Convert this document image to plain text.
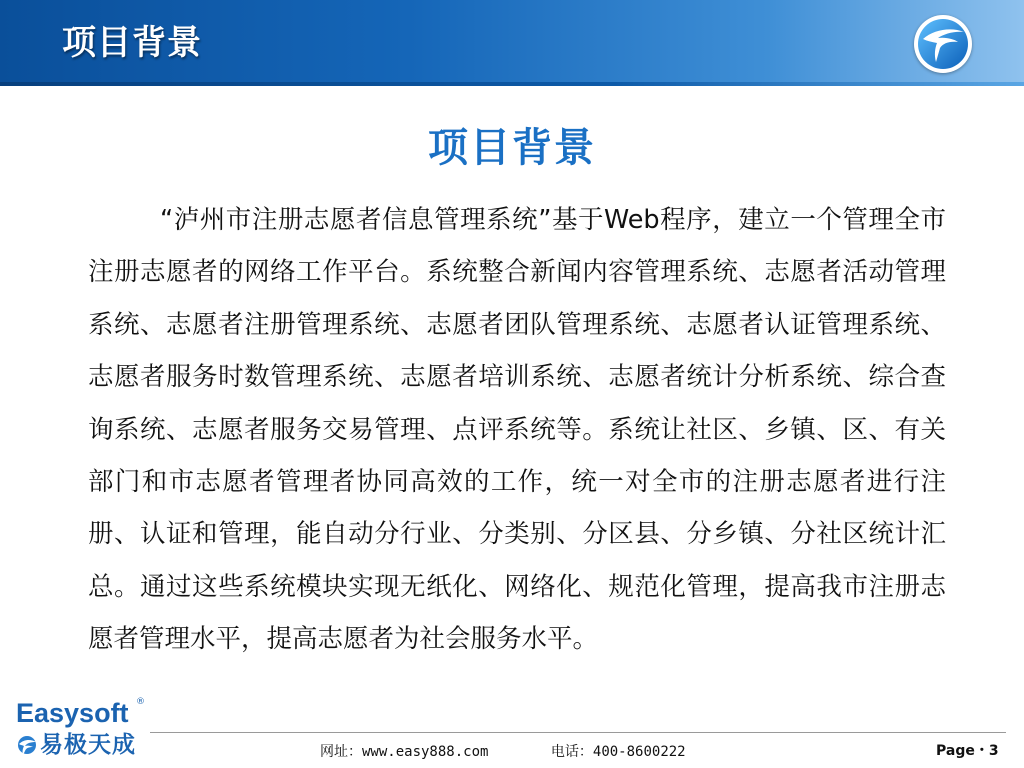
项目背景
项目背景

“泸州市注册志愿者信息管理系统”基于Web程序，建立一个管理全市注册志愿者的网络工作平台。系统整合新闻内容管理系统、志愿者活动管理系统、志愿者注册管理系统、志愿者团队管理系统、志愿者认证管理系统、志愿者服务时数管理系统、志愿者培训系统、志愿者统计分析系统、综合查询系统、志愿者服务交易管理、点评系统等。系统让社区、乡镇、区、有关部门和市志愿者管理者协同高效的工作，统一对全市的注册志愿者进行注册、认证和管理，能自动分行业、分类别、分区县、分乡镇、分社区统计汇总。通过这些系统模块实现无纸化、网络化、规范化管理，提高我市注册志愿者管理水平，提高志愿者为社会服务水平。

Easysoft ®
易极天成	网址：www.easy888.com	电话：400-8600222	Page・3
